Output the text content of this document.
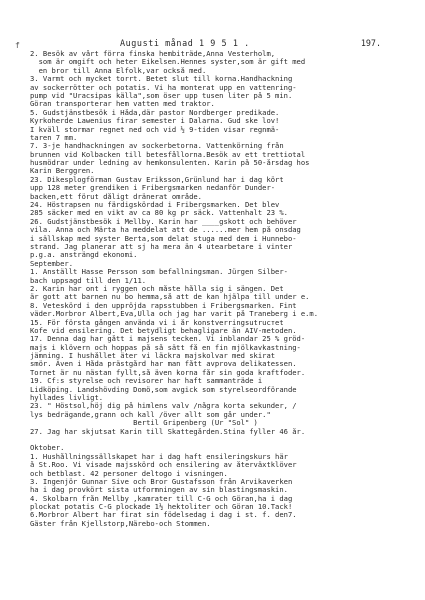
f	Augusti månad 1 9 5 1 .	197.
2. Besök av vårt förra finska hembiträde,Anna Vesterholm,
som är omgift och heter Eikelsen.Hennes syster,som är gift med
en bror till Anna Elfolk,var också med.
3. Varmt och mycket torrt. Betet slut till korna.Handhackning
av sockerrötter och potatis. Vi ha monterat upp en vattenring-
pump vid "Uracsipas källa",som öser upp tusen liter på 5 min.
Göran transporterar hem vatten med traktor.
5. Gudstjänstbesök i Håda,där pastor Nordberger predikade.
Kyrkoherde Lawenius firar semester i Dalarna. Gud ske lov!
I kväll stormar regnet ned och vid ½ 9-tiden visar regnmä-
taren 7 mm.
7. 3-je handhackningen av sockerbetorna. Vattenkörning från
brunnen vid Kolbacken till betesfållorna.Besök av ett trettiotal
husmödrar under ledning av hemkonsulenten. Karin på 50-årsdag hos
Karin Berggren.
23. Dikesplogförman Gustav Eriksson,Grünlund har i dag kört
upp 128 meter grendiken i Fribergsmarken nedanför Dunder-
backen,ett förut dåligt dränerat område.
24. Höstrapsen nu färdigskördad i Fribergsmarken. Det blev
285 säcker med en vikt av ca 80 kg pr säck. Vattenhalt 23 %.
26. Gudstjänstbesök i Mellby. Karin har ____gskott och behöver
vila. Anna och Märta ha meddelat att de ......mer hem på onsdag
i sällskap med syster Berta,som delat stuga med dem i Hunnebo-
strand. Jag planerar att sj ha mera än 4 utearbetare i vinter
p.g.a. ansträngd ekonomi.
September.
1. Anställt Hasse Persson som befallningsman. Jürgen Silber-
bach uppsagd till den 1/11.
2. Karin har ont i ryggen och måste hållа sig i sängen. Det
är gott att barnen nu bo hemma,så att de kan hjälpa till under e.
8. Veteskörd i den uppröjda rapsstubben i Fribergsmarken. Fint
väder.Morbror Albert,Eva,Ulla och jag har varit på Traneberg i e.m.
15. För första gången använda vi i år konstvеrringsutruстet
Kofe vid ensilering. Det betydligt behagligare än AIV-metoden.
17. Denna dag har gått i majsens tecken. Vi inblandar 25 % gröd-
majs i klövern och hoppas på så sätt få en fin mjölkavkastning-
jämning. I hushållet äter vi läckra majskolvar med skirat
smör. Även i Håda prästgård har man fått avprova delikatessen.
Tornet är nu nästan fyllt,så även korna får sin goda kraftfoder.
19. Cf:s styrelse och revisorer har haft sammanträde i
Lidköping. Landshövding Domö,som avgick som styrelseordförande
hyllades livligt.
23. " Höstsol,höj dig på himlens valv /några korta sekunder, /
lys bedrägande,grann och kall /över allt som går under."
Bertil Gripenberg (Ur "Sol" )
27. Jag har skjutsat Karin till Skattegården.Stina fyller 46 år.
Oktober.
1. Hushållningssällskapet har i dag haft ensileringskurs här
å St.Roo. Vi visade majsskörd och ensilering av återväxtklöver
och betblast. 42 personer deltogo i visningen.
3. Ingenjör Gunnar Sive och Bror Gustafsson från Arvikaverken
ha i dag provkört sista utformningen av sin blastingsmaskin.
4. Skolbarn från Mellby ,kamrater till C-G och Göran,ha i dag
plockat potatis C-G plockade 1½ hektoliter och Göran 10.Tack!
6.Morbror Albert har firat sin födelsedag i dag i st. f. den7.
Gäster från Kjellstorp,Närebo-och Stommen.
